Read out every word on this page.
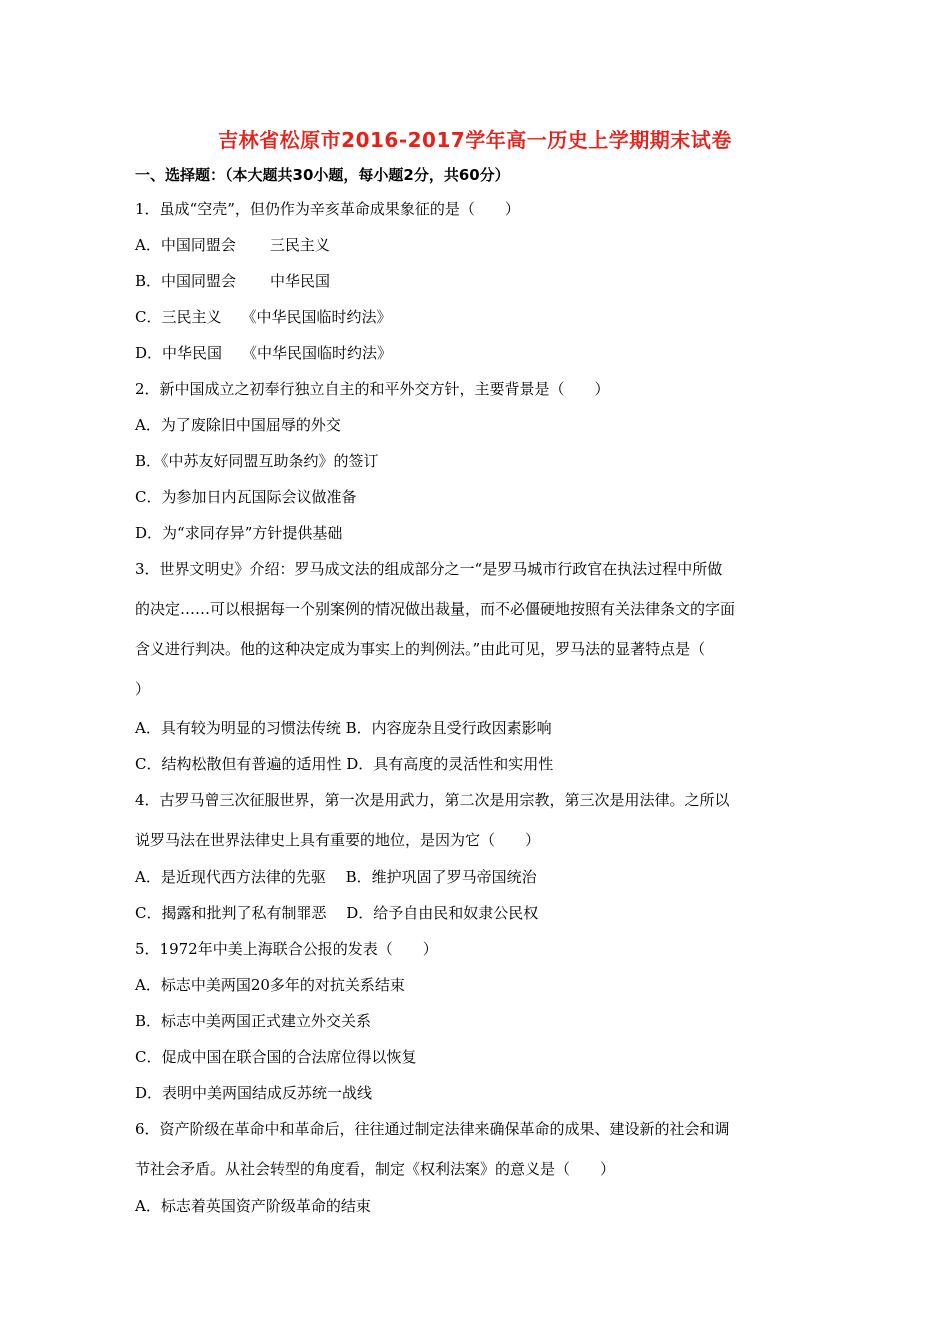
吉林省松原市2016-2017学年高一历史上学期期末试卷
一、选择题：（本大题共30小题，每小题2分，共60分）
1．虽成“空壳”，但仍作为辛亥革命成果象征的是（　　）
A．中国同盟会 三民主义
B．中国同盟会 中华民国
C．三民主义 《中华民国临时约法》
D．中华民国 《中华民国临时约法》
2．新中国成立之初奉行独立自主的和平外交方针，主要背景是（　　）
A．为了废除旧中国屈辱的外交
B．《中苏友好同盟互助条约》的签订
C．为参加日内瓦国际会议做准备
D．为“求同存异”方针提供基础
3．世界文明史》介绍：罗马成文法的组成部分之一“是罗马城市行政官在执法过程中所做
的决定……可以根据每一个别案例的情况做出裁量，而不必僵硬地按照有关法律条文的字面
含义进行判决。他的这种决定成为事实上的判例法。”由此可见，罗马法的显著特点是（
）
A．具有较为明显的习惯法传统 B．内容庞杂且受行政因素影响
C．结构松散但有普遍的适用性 D．具有高度的灵活性和实用性
4．古罗马曾三次征服世界，第一次是用武力，第二次是用宗教，第三次是用法律。之所以
说罗马法在世界法律史上具有重要的地位，是因为它（　　）
A．是近现代西方法律的先驱　 B．维护巩固了罗马帝国统治
C．揭露和批判了私有制罪恶　 D．给予自由民和奴隶公民权
5．1972年中美上海联合公报的发表（　　）
A．标志中美两国20多年的对抗关系结束
B．标志中美两国正式建立外交关系
C．促成中国在联合国的合法席位得以恢复
D．表明中美两国结成反苏统一战线
6．资产阶级在革命中和革命后，往往通过制定法律来确保革命的成果、建设新的社会和调
节社会矛盾。从社会转型的角度看，制定《权利法案》的意义是（　　）
A．标志着英国资产阶级革命的结束
